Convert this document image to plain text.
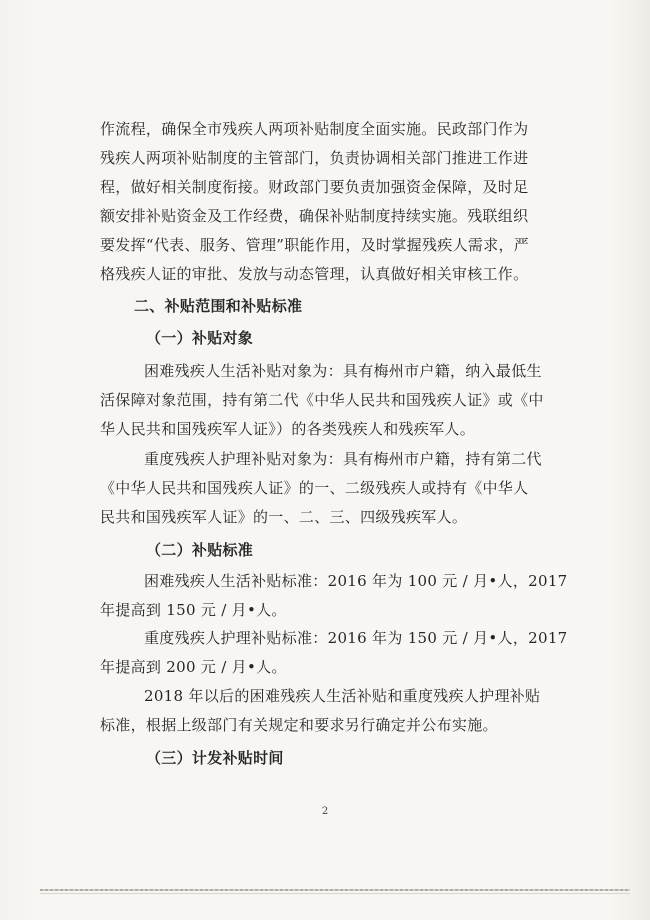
作流程，确保全市残疾人两项补贴制度全面实施。民政部门作为
残疾人两项补贴制度的主管部门，负责协调相关部门推进工作进
程，做好相关制度衔接。财政部门要负责加强资金保障，及时足
额安排补贴资金及工作经费，确保补贴制度持续实施。残联组织
要发挥“代表、服务、管理”职能作用，及时掌握残疾人需求，严
格残疾人证的审批、发放与动态管理，认真做好相关审核工作。
二、补贴范围和补贴标准
（一）补贴对象
困难残疾人生活补贴对象为：具有梅州市户籍，纳入最低生
活保障对象范围，持有第二代《中华人民共和国残疾人证》或《中
华人民共和国残疾军人证》）的各类残疾人和残疾军人。
重度残疾人护理补贴对象为：具有梅州市户籍，持有第二代
《中华人民共和国残疾人证》的一、二级残疾人或持有《中华人
民共和国残疾军人证》的一、二、三、四级残疾军人。
（二）补贴标准
困难残疾人生活补贴标准：2016 年为 100 元 / 月•人，2017
年提高到 150 元 / 月•人。
重度残疾人护理补贴标准：2016 年为 150 元 / 月•人，2017
年提高到 200 元 / 月•人。
2018 年以后的困难残疾人生活补贴和重度残疾人护理补贴
标准，根据上级部门有关规定和要求另行确定并公布实施。
（三）计发补贴时间
2
